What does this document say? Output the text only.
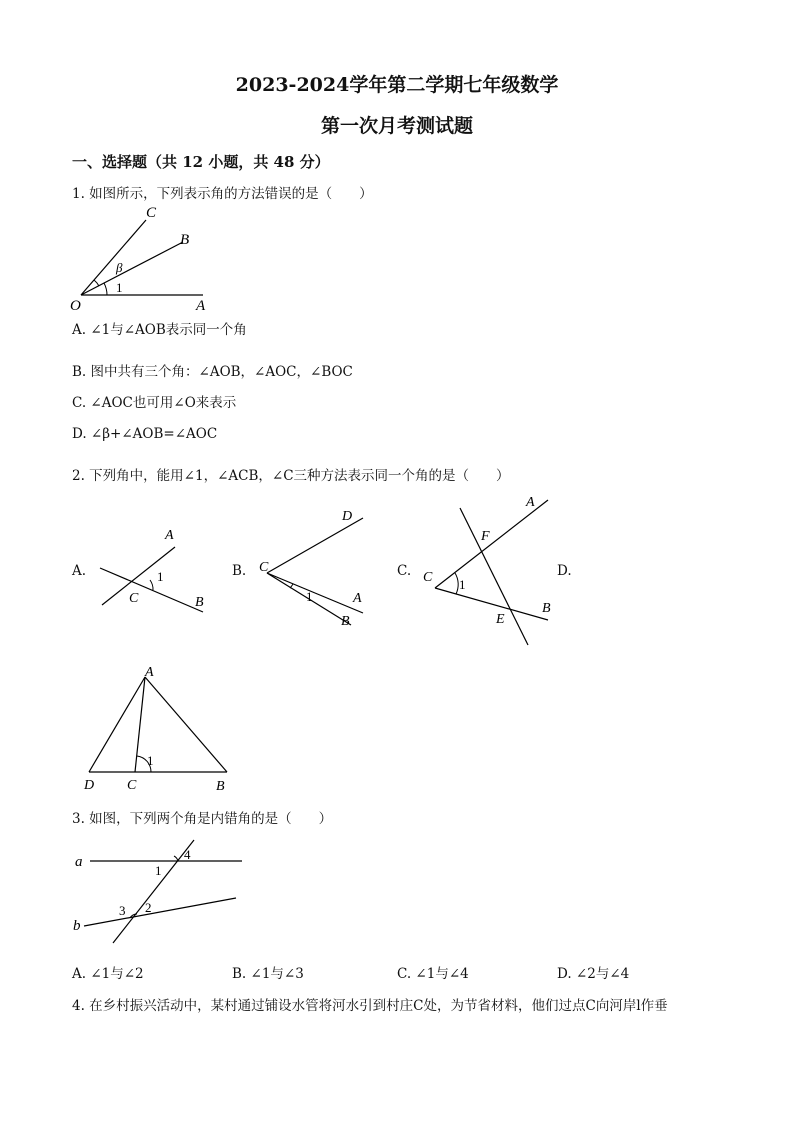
2023-2024学年第二学期七年级数学
第一次月考测试题
一、选择题（共 12 小题，共 48 分）
1. 如图所示，下列表示角的方法错误的是（　　）
C
B
O	A
β
1
A. ∠1与∠AOB表示同一个角
B. 图中共有三个角：∠AOB，∠AOC，∠BOC
C. ∠AOC也可用∠O来表示
D. ∠β+∠AOB=∠AOC
2. 下列角中，能用∠1，∠ACB，∠C三种方法表示同一个角的是（　　）
A.
A
1
C	B
B. C
D
A
B
1
C.
A
F
C 1
E
B
D.
A
D C	B
1
3. 如图，下列两个角是内错角的是（　　）
a
b
1
2
3
4
A. ∠1与∠2	B. ∠1与∠3	C. ∠1与∠4	D. ∠2与∠4
4. 在乡村振兴活动中，某村通过铺设水管将河水引到村庄C处，为节省材料，他们过点C向河岸l作垂
